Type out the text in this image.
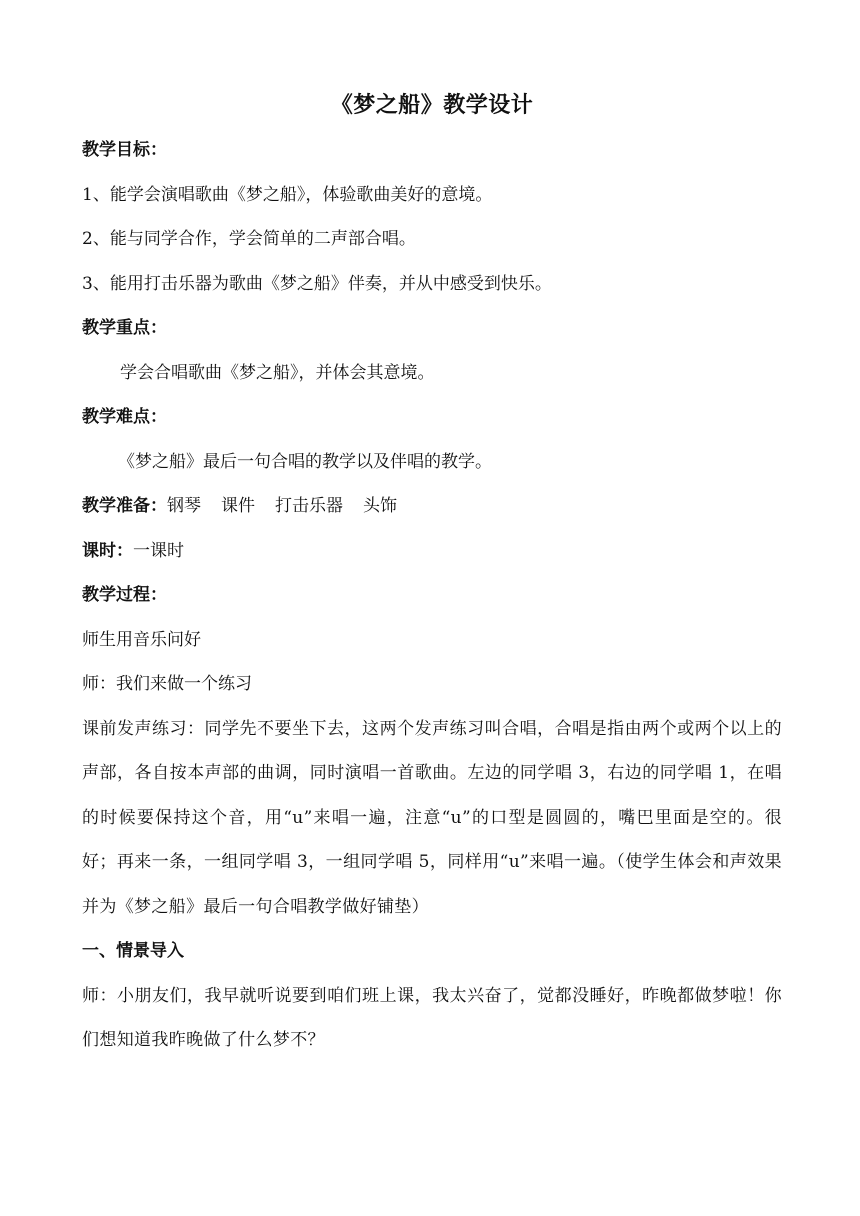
《梦之船》教学设计
教学目标：
1、能学会演唱歌曲《梦之船》，体验歌曲美好的意境。
2、能与同学合作，学会简单的二声部合唱。
3、能用打击乐器为歌曲《梦之船》伴奏，并从中感受到快乐。
教学重点：
学会合唱歌曲《梦之船》，并体会其意境。
教学难点：
《梦之船》最后一句合唱的教学以及伴唱的教学。
教学准备：钢琴 课件 打击乐器 头饰
课时：一课时
教学过程：
师生用音乐问好
师：我们来做一个练习
课前发声练习：同学先不要坐下去，这两个发声练习叫合唱，合唱是指由两个或两个以上的声部，各自按本声部的曲调，同时演唱一首歌曲。左边的同学唱 3，右边的同学唱 1，在唱的时候要保持这个音，用“u”来唱一遍，注意“u”的口型是圆圆的，嘴巴里面是空的。很好；再来一条，一组同学唱 3，一组同学唱 5，同样用“u”来唱一遍。（使学生体会和声效果并为《梦之船》最后一句合唱教学做好铺垫）
一、情景导入
师：小朋友们，我早就听说要到咱们班上课，我太兴奋了，觉都没睡好，昨晚都做梦啦！你们想知道我昨晚做了什么梦不？
